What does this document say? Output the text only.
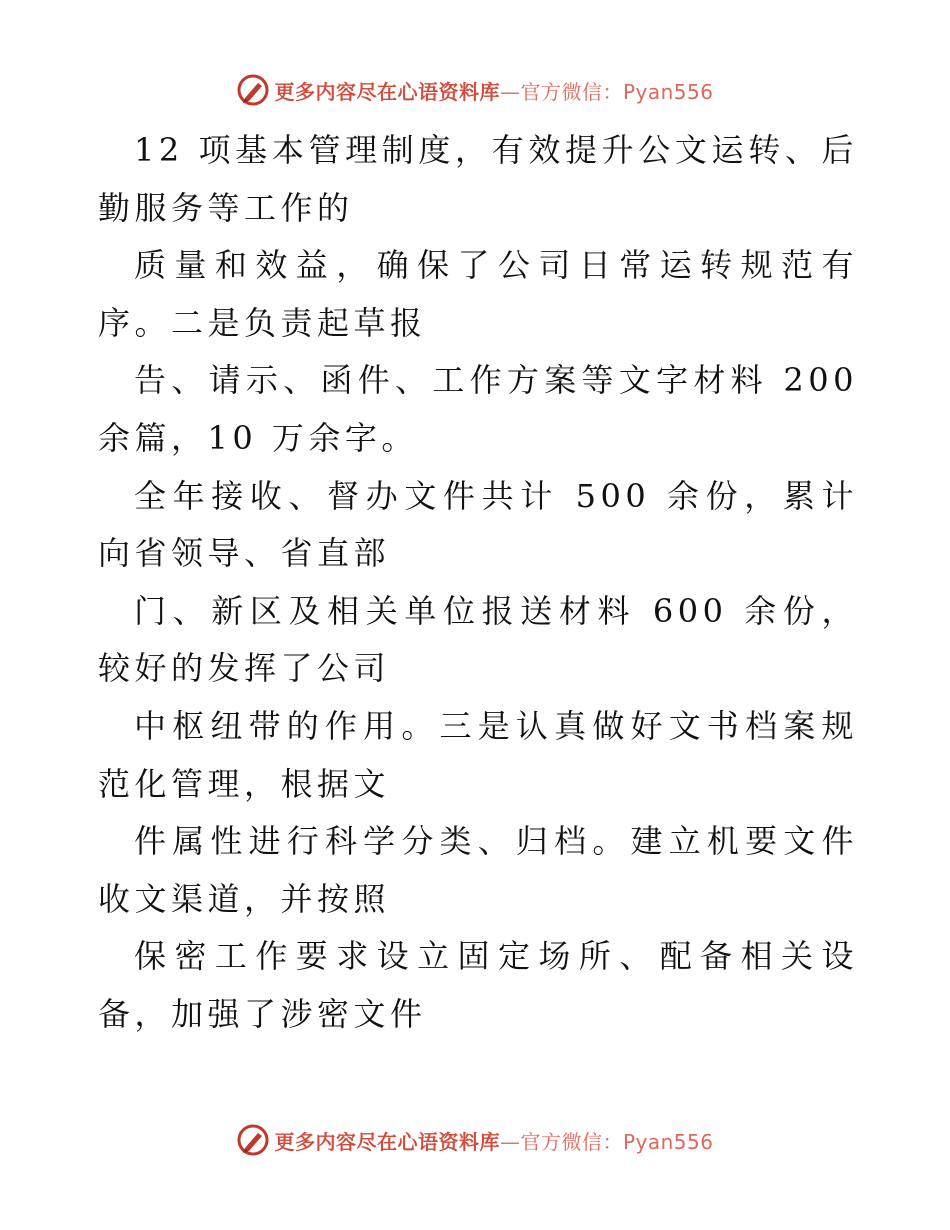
更多内容尽在心语资料库—官方微信：Pyan556

12 项基本管理制度，有效提升公文运转、后勤服务等工作的

质量和效益，确保了公司日常运转规范有序。二是负责起草报

告、请示、函件、工作方案等文字材料 200 余篇，10 万余字。

全年接收、督办文件共计 500 余份，累计向省领导、省直部

门、新区及相关单位报送材料 600 余份，较好的发挥了公司

中枢纽带的作用。三是认真做好文书档案规范化管理，根据文

件属性进行科学分类、归档。建立机要文件收文渠道，并按照

保密工作要求设立固定场所、配备相关设备，加强了涉密文件

更多内容尽在心语资料库—官方微信：Pyan556
